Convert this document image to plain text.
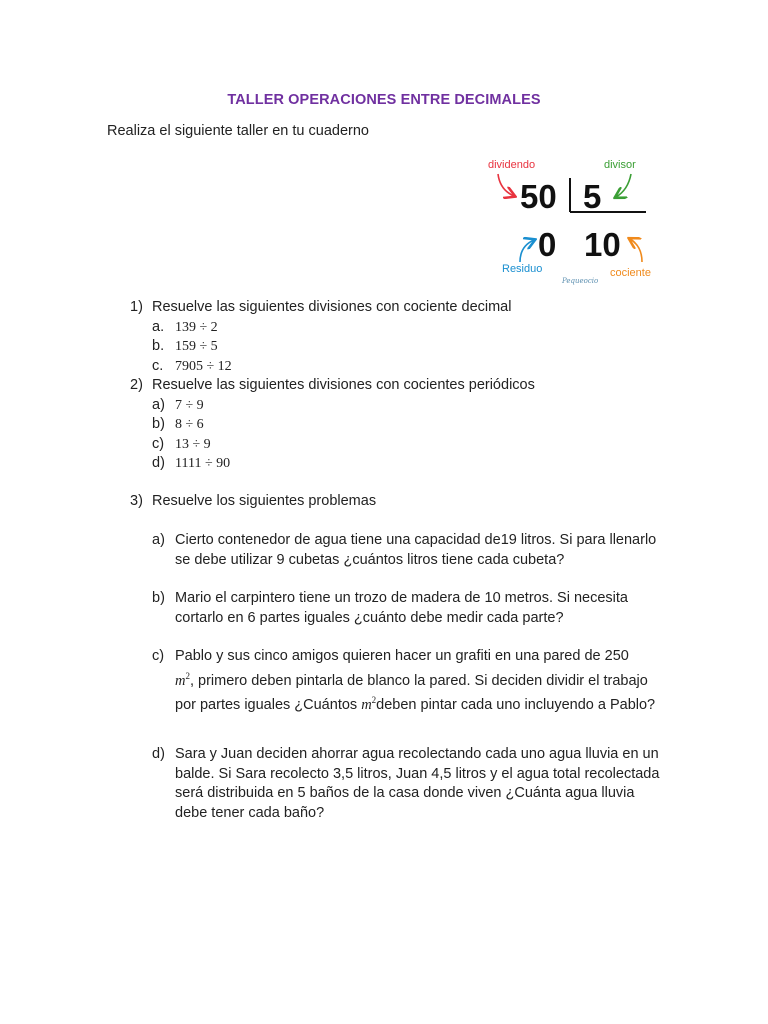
TALLER OPERACIONES ENTRE DECIMALES
Realiza el siguiente taller en tu cuaderno
dividendo	divisor
50 5
0 10
Residuo	cociente
Pequeocio
1) Resuelve las siguientes divisiones con cociente decimal
a. 139 ÷ 2
b. 159 ÷ 5
c. 7905 ÷ 12
2) Resuelve las siguientes divisiones con cocientes periódicos
a) 7 ÷ 9
b) 8 ÷ 6
c) 13 ÷ 9
d) 1111 ÷ 90
3) Resuelve los siguientes problemas
a) Cierto contenedor de agua tiene una capacidad de19 litros. Si para llenarlo se debe utilizar 9 cubetas ¿cuántos litros tiene cada cubeta?
b) Mario el carpintero tiene un trozo de madera de 10 metros. Si necesita cortarlo en 6 partes iguales ¿cuánto debe medir cada parte?
c) Pablo y sus cinco amigos quieren hacer un grafiti en una pared de 250
$m^2$, primero deben pintarla de blanco la pared. Si deciden dividir el trabajo por partes iguales ¿Cuántos $m^2deben$ pintar cada uno incluyendo a Pablo?
d) Sara y Juan deciden ahorrar agua recolectando cada uno agua lluvia en un balde. Si Sara recolecto 3,5 litros, Juan 4,5 litros y el agua total recolectada será distribuida en 5 baños de la casa donde viven ¿Cuánta agua lluvia debe tener cada baño?
